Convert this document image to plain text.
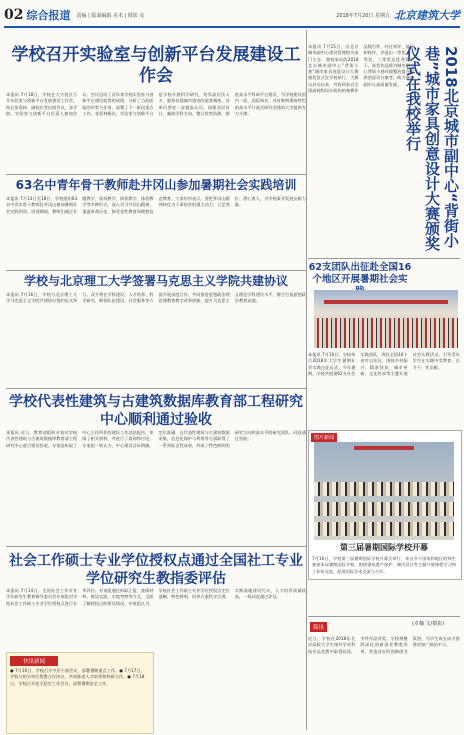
02 综合报道 责编 | 版面编辑 美术 | 摄影 及	2018年7月20日 星期五 北京建筑大学
学校召开实验室与创新平台发展建设工作会
本报讯 7月18日，学校在大兴校区召开实验室与创新平台发展建设工作会。校长张爱林、副校长等出席会议，各学院、实验室与创新平台负责人参加会议。会议总结了近年来学校实验室与创新平台建设取得的成绩，分析了当前面临的形势与任务，部署了下一阶段重点工作。张爱林指出，实验室与创新平台是学校开展科学研究、培养高层次人才、服务首都城市建设的重要载体，各单位要进一步提高认识，加强顶层设计，凝练学科方向，整合优势资源，推进高水平科研平台建设，为学校建设国内一流、国际知名、具有鲜明建筑特色的高水平开放式研究型建筑大学提供有力支撑。
63名中青年骨干教师赴井冈山参加暑期社会实践培训
本报讯 7月13日至18日，学校组织63名中青年骨干教师赴井冈山参加暑期社会实践培训。培训期间，教师们通过专题教学、现场教学、情景教学、体验教学等多种形式，深入学习井冈山精神，重温革命历史，接受党性教育和理想信念教育。大家纷纷表示，要把井冈山精神转化为干事创业的强大动力，立足岗位、潜心育人，为学校事业发展贡献力量。
学校与北京理工大学签署马克思主义学院共建协议
本报讯 7月16日，学校与北京理工大学马克思主义学院共建协议签约仪式举行。双方将在学科建设、人才培养、科学研究、师资队伍建设、社会服务等方面开展深度合作，共同推进思想政治理论课教育教学改革创新，提升马克思主义理论学科建设水平，携手打造思想政治教育高地。
学校代表性建筑与古建筑数据库教育部工程研究中心顺利通过验收
本报讯 近日，教育部组织专家对学校代表性建筑与古建筑数据库教育部工程研究中心进行建设验收。专家组听取了中心主任所作的建设工作总结报告，审阅了相关材料，并进行了质询和讨论。专家组一致认为，中心建设目标明确，定位准确，在代表性建筑与古建筑数据采集、信息化保护与利用等方面取得了一系列标志性成果，形成了特色鲜明的研究方向和高水平的研究团队，同意通过验收。
社会工作硕士专业学位授权点通过全国社工专业学位研究生教指委评估
本报讯 7月14日，全国社会工作专业学位研究生教育指导委员会专家组对学校社会工作硕士专业学位授权点进行专项评估。专家组通过听取汇报、查阅材料、座谈交流、实地考察等方式，全面了解授权点的建设情况。专家组认为，学校社会工作硕士专业学位授权点定位清晰，特色鲜明，培养方案科学合理，实践基地建设扎实，人才培养质量较高，一致同意通过评估。
2018北京城市副中心“背街小巷”城市家具创意设计大赛颁奖仪式在我校举行
本报讯 7月15日，由北京城市副中心建设管理相关部门主办、我校承办的2018北京城市副中心“背街小巷”城市家具创意设计大赛颁奖仪式在学校举行。大赛自启动以来，共收到来自全国高校和设计机构的参赛作品数百件，经过初评、复评和终评，评选出一等奖、二等奖、三等奖及优秀奖若干。获奖作品将为城市副中心背街小巷环境整治提升提供创意设计参考，助力城市副中心高质量发展。
62支团队出征赴全国16个地区开展暑期社会实
本报讯 7月10日，学校举行2018年大学生暑期社会实践出征仪式。今年暑期，学校共组建62支社会实践团队，奔赴全国16个省市自治区，围绕乡村振兴、精准扶贫、城市更新、文化传承等主题开展社会实践活动，引导青年学生在实践中受教育、长才干、作贡献。
图片新闻
第三届暑期国际学校开幕
7月16日，学校第三届暑期国际学校开幕式举行。来自多个国家和地区的师生参加本届暑期国际学校，围绕建筑遗产保护、城市设计等主题开展课程学习和工作坊交流，促进国际学术交流与合作。
(卓楠 文/摄影)
简讯
近日，学校在2018年北京高校大学生课外学术科技作品竞赛中取得佳绩，多件作品获奖。学校将继续深化创新创业教育改革，营造良好的创新创业氛围，为学生成长成才搭建更加广阔的平台。
快讯新闻
● 7月16日，学校召开中层干部会议，部署暑期重点工作。● 7月17日，学校与相关单位签署合作协议，共同推进人才培养和科研合作。● 7月18日，学校召开安全稳定工作会议，部署暑期安全工作。
